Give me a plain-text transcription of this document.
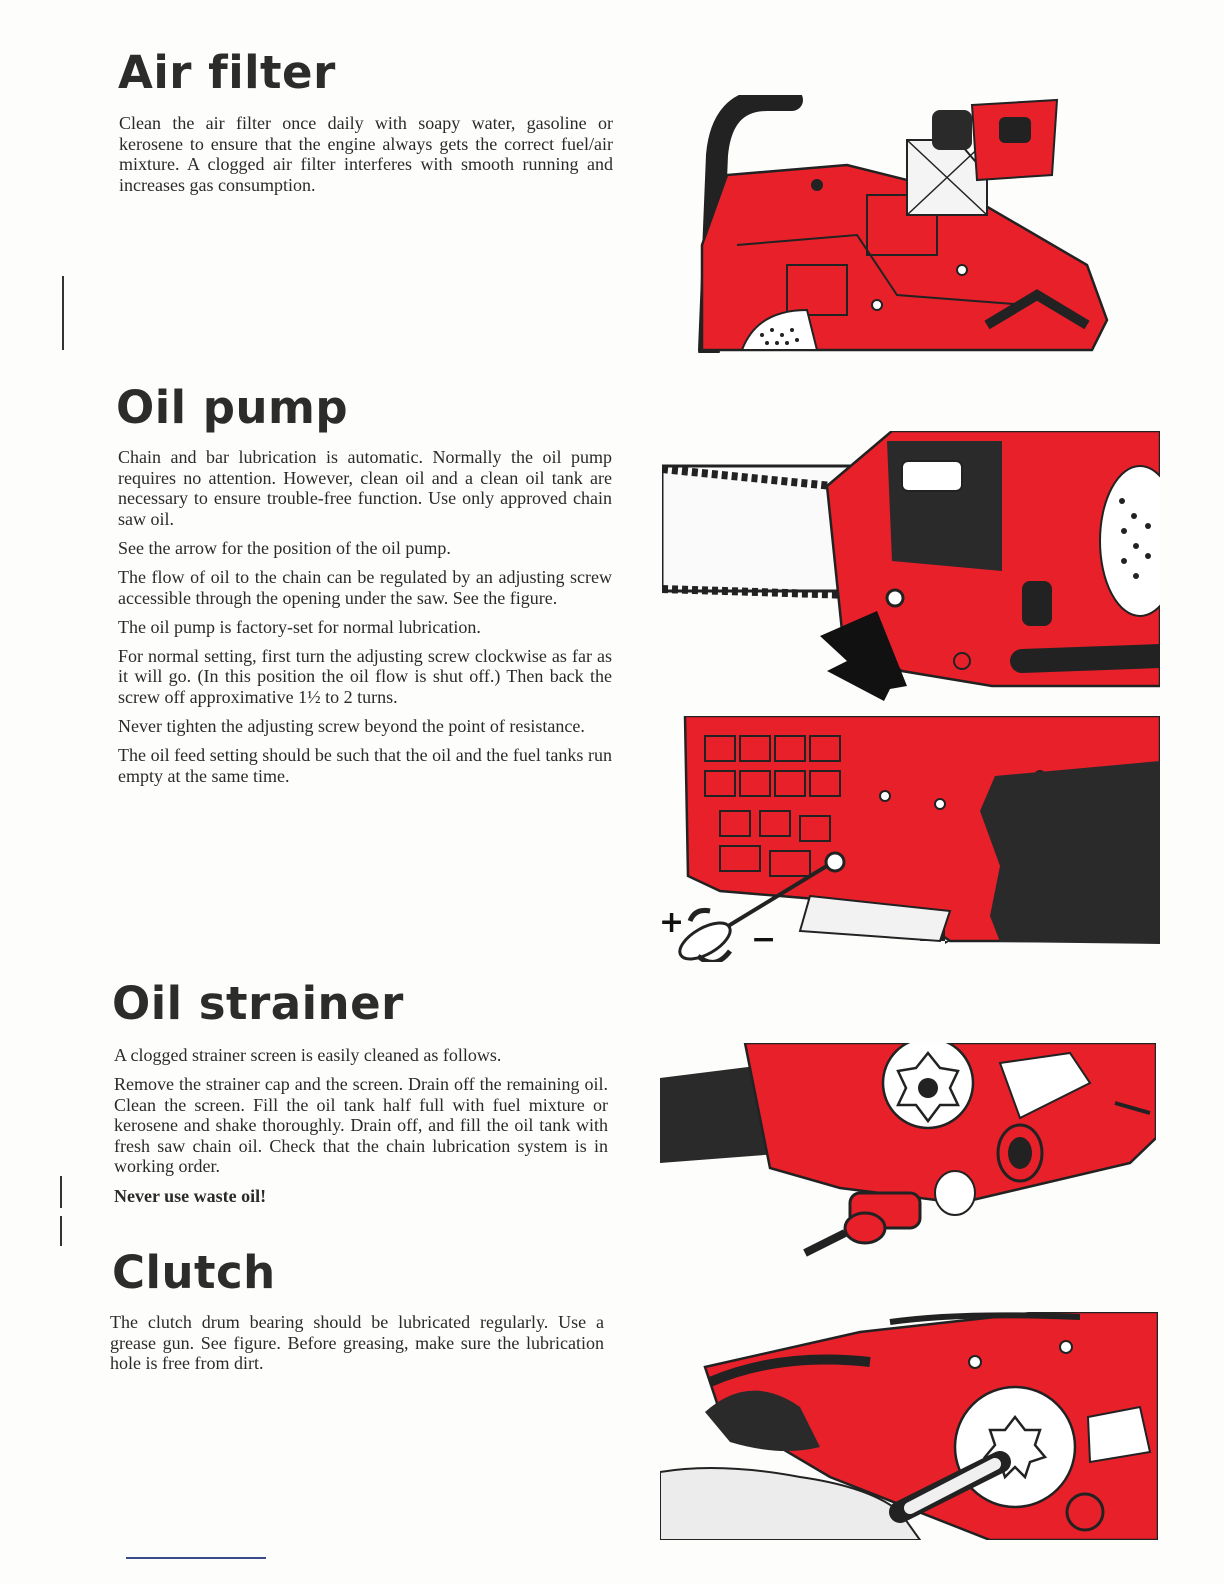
Air filter

Clean the air filter once daily with soapy water, gasoline or kerosene to ensure that the engine always gets the correct fuel/air mixture. A clogged air filter interferes with smooth running and increases gas consumption.

Oil pump

Chain and bar lubrication is automatic. Normally the oil pump requires no attention. However, clean oil and a clean oil tank are necessary to ensure trouble-free function. Use only approved chain saw oil.

See the arrow for the position of the oil pump.

The flow of oil to the chain can be regulated by an adjusting screw accessible through the opening under the saw. See the figure.

The oil pump is factory-set for normal lubrication.

For normal setting, first turn the adjusting screw clockwise as far as it will go. (In this position the oil flow is shut off.) Then back the screw off approximative 1½ to 2 turns.

Never tighten the adjusting screw beyond the point of resistance.

The oil feed setting should be such that the oil and the fuel tanks run empty at the same time.

+ −
Oil strainer

A clogged strainer screen is easily cleaned as follows.

Remove the strainer cap and the screen. Drain off the remaining oil. Clean the screen. Fill the oil tank half full with fuel mixture or kerosene and shake thoroughly. Drain off, and fill the oil tank with fresh saw chain oil. Check that the chain lubrication system is in working order.

Never use waste oil!

Clutch

The clutch drum bearing should be lubricated regularly. Use a grease gun. See figure. Before greasing, make sure the lubrication hole is free from dirt.
